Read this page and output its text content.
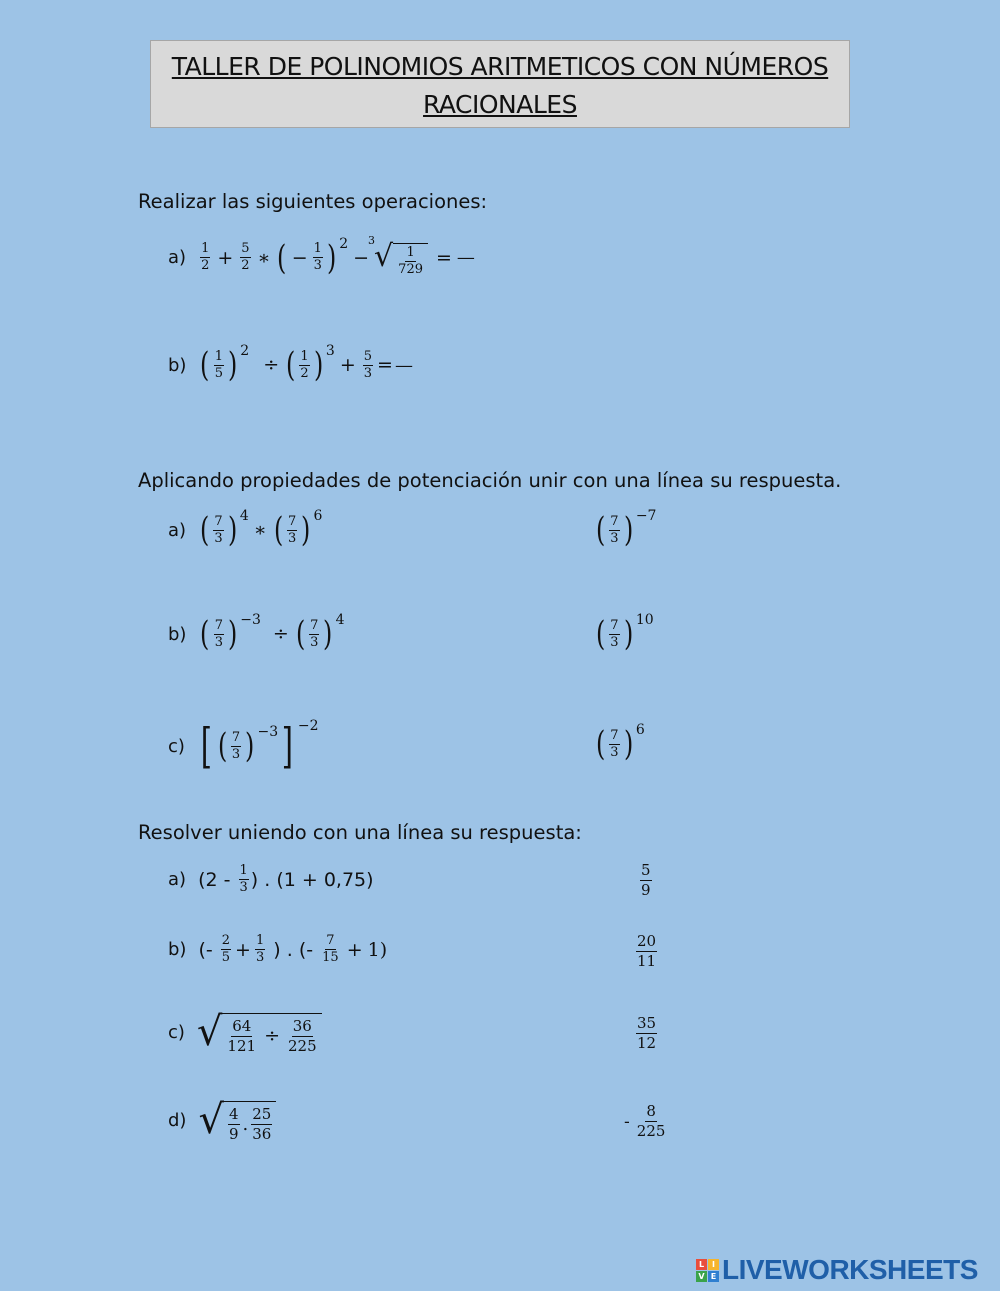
TALLER DE POLINOMIOS ARITMETICOS CON NÚMEROS
RACIONALES
Realizar las siguientes operaciones:
$a) \frac{1}{2} + \frac{5}{2}$ ∗ ( − $\frac{1}{3} )^2$
−
3 √ $\frac{1}{729}$ = —
b) ( $\frac{1}{5} )^2$
÷ ( $\frac{1}{2} )^3$
+ $\frac{5}{3}$ = —
Aplicando propiedades de potenciación unir con una línea su respuesta.
a) ( $\frac{7}{3} )^4$
∗ ( $\frac{7}{3} )^6$
b) ( $\frac{7}{3} )^{-3}$
÷ ( $\frac{7}{3} )^4$
c) [ ( $\frac{7}{3} )^{-3}$ ] $^{-2}$
( $\frac{7}{3} )^{-7}$
( $\frac{7}{3} )^{10}$
( $\frac{7}{3} )^6$
Resolver uniendo con una línea su respuesta:
a) ($2 - \frac{1}{3}$ ) . (1 + 0,75)
b) (- $\frac{2}{5} + \frac{1}{3}$ ) . (- $\frac{7}{15} + 1$)
c) √ $\frac{64}{121} \div \frac{36}{225}$
d) √ $\frac{4}{9}$ . $\frac{25}{36}$
$\frac{5}{9}$
$\frac{20}{11}$
$\frac{35}{12}$
- $\frac{8}{225}$
L I
V E LIVEWORKSHEETS
